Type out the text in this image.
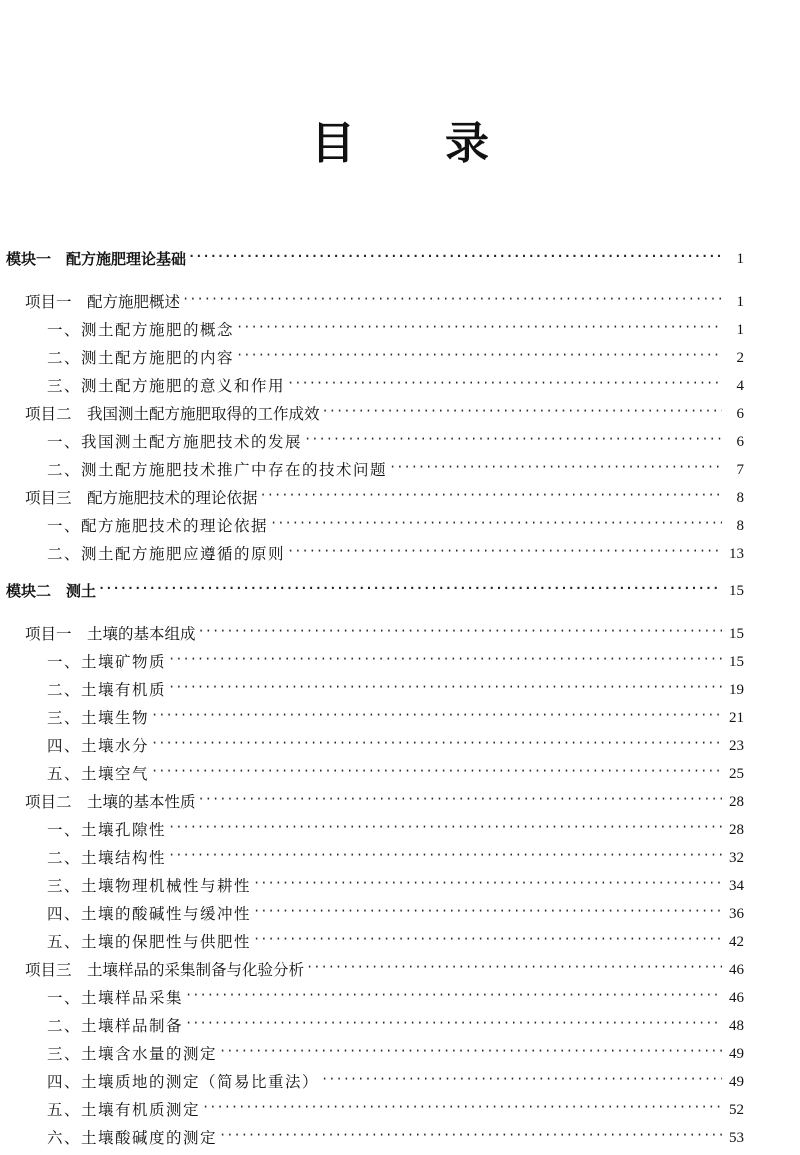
目 录
模块一　配方施肥理论基础 ·····	1
项目一　配方施肥概述 ·····	1
一、测土配方施肥的概念 ·····	1
二、测土配方施肥的内容 ·····	2
三、测土配方施肥的意义和作用 ·····	4
项目二　我国测土配方施肥取得的工作成效 ·····	6
一、我国测土配方施肥技术的发展 ·····	6
二、测土配方施肥技术推广中存在的技术问题 ·····	7
项目三　配方施肥技术的理论依据 ·····	8
一、配方施肥技术的理论依据 ·····	8
二、测土配方施肥应遵循的原则 ·····	13
模块二　测土 ·····	15
项目一　土壤的基本组成 ·····	15
一、土壤矿物质 ·····	15
二、土壤有机质 ·····	19
三、土壤生物 ·····	21
四、土壤水分 ·····	23
五、土壤空气 ·····	25
项目二　土壤的基本性质 ·····	28
一、土壤孔隙性 ·····	28
二、土壤结构性 ·····	32
三、土壤物理机械性与耕性 ·····	34
四、土壤的酸碱性与缓冲性 ·····	36
五、土壤的保肥性与供肥性 ·····	42
项目三　土壤样品的采集制备与化验分析 ·····	46
一、土壤样品采集 ·····	46
二、土壤样品制备 ·····	48
三、土壤含水量的测定 ·····	49
四、土壤质地的测定（简易比重法） ·····	49
五、土壤有机质测定 ·····	52
六、土壤酸碱度的测定 ·····	53
